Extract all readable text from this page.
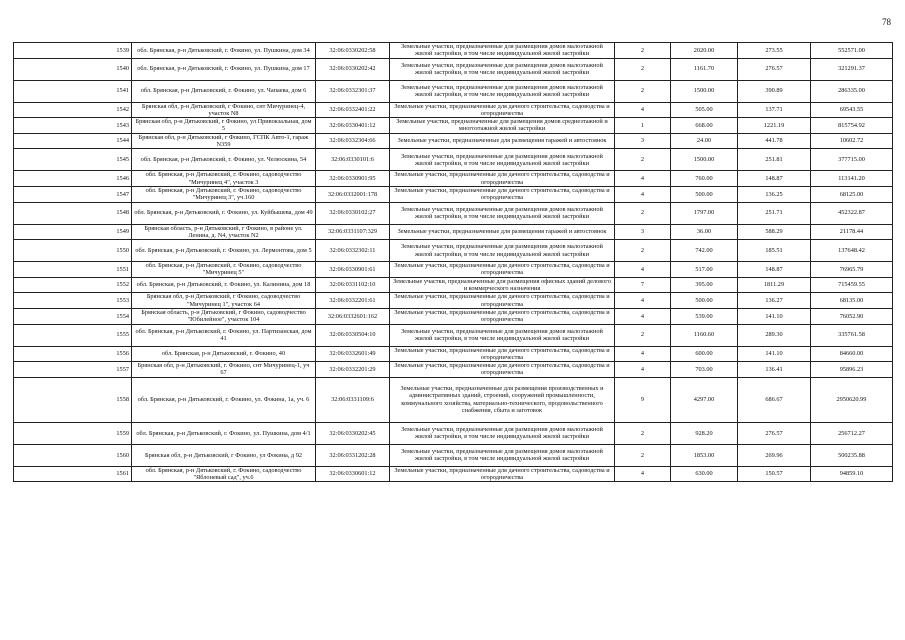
78
1539	обл. Брянская, р-н Дятьковский, г. Фокино, ул. Пушкина, дом 34	32:06:0330202:58	Земельные участки, предназначенные для размещения домов малоэтажной жилой застройки, в том числе индивидуальной жилой застройки	2	2020.00	273.55	552571.00
1540	обл. Брянская, р-н Дятьковский, г. Фокино, ул. Пушкина, дом 17	32:06:0330202:42	Земельные участки, предназначенные для размещения домов малоэтажной жилой застройки, в том числе индивидуальной жилой застройки	2	1161.70	276.57	321291.37
1541	обл. Брянская, р-н Дятьковский, г. Фокино, ул. Чапаева, дом 6	32:06:0332301:37	Земельные участки, предназначенные для размещения домов малоэтажной жилой застройки, в том числе индивидуальной жилой застройки	2	1500.00	390.89	286335.00
1542	Брянская обл, р-н Дятьковский, г Фокино, снт Мичуринец-4, участок N8	32:06:0332401:22	Земельные участки, предназначенные для дачного строительства, садоводства и огородничества	4	505.00	137.71	69543.55
1543	Брянская обл, р-н Дятьковский, г Фокино, ул Привокзальная, дом 5	32:06:0330401:12	Земельные участки, предназначенные для размещения домов среднеэтажной и многоэтажной жилой застройки	1	668.00	1221.19	815754.92
1544	Брянская обл, р-н Дятьковский, г Фокино, ГСПК Авто-1, гараж N359	32:06:0332304:66	Земельные участки, предназначенные для размещения гаражей и автостоянок	3	24.00	441.78	10602.72
1545	обл. Брянская, р-н Дятьковский, г. Фокино, ул. Челюскина, 54	32:06:0330101:6	Земельные участки, предназначенные для размещения домов малоэтажной жилой застройки, в том числе индивидуальной жилой застройки	2	1500.00	251.81	377715.00
1546	обл. Брянская, р-н Дятьковский, г. Фокино, садоводчество "Мичуринец 4", участок 3	32:06:0330901:95	Земельные участки, предназначенные для дачного строительства, садоводства и огородничества	4	760.00	148.87	113141.20
1547	обл. Брянская, р-н Дятьковский, г. Фокино, садоводчество "Мичуринец 3", уч.160	32:06:0332001:178	Земельные участки, предназначенные для дачного строительства, садоводства и огородничества	4	500.00	136.25	68125.00
1548	обл. Брянская, р-н Дятьковский, г. Фокино, ул. Куйбышева, дом 49	32:06:0330102:27	Земельные участки, предназначенные для размещения домов малоэтажной жилой застройки, в том числе индивидуальной жилой застройки	2	1797.00	251.71	452322.87
1549	Брянская область, р-н Дятьковский, г Фокино, в районе ул. Ленина, д. N4, участок N2	32:06:0331107:329	Земельные участки, предназначенные для размещения гаражей и автостоянок	3	36.00	588.29	21178.44
1550	обл. Брянская, р-н Дятьковский, г. Фокино, ул. Лермонтова, дом 5	32:06:0332302:11	Земельные участки, предназначенные для размещения домов малоэтажной жилой застройки, в том числе индивидуальной жилой застройки	2	742.00	185.51	137648.42
1551	обл. Брянская, р-н Дятьковский, г. Фокино, садоводчество "Мичуринец 5"	32:06:0330901:61	Земельные участки, предназначенные для дачного строительства, садоводства и огородничества	4	517.00	148.87	76965.79
1552	обл. Брянская, р-н Дятьковский, г. Фокино, ул. Калинина, дом 18	32:06:0331102:10	Земельные участки, предназначенные для размещения офисных зданий делового и коммерческого назначения	7	395.00	1811.29	715459.55
1553	Брянская обл, р-н Дятьковский, г Фокино, садоводчество "Мичуринец 1", участок 64	32:06:0332201:61	Земельные участки, предназначенные для дачного строительства, садоводства и огородничества	4	500.00	136.27	68135.00
1554	Брянская область, р-н Дятьковский, г Фокино, садоводчество "Юбилейное", участок 104	32:06:0332601:162	Земельные участки, предназначенные для дачного строительства, садоводства и огородничества	4	539.00	141.10	76052.90
1555	обл. Брянская, р-н Дятьковский, г. Фокино, ул. Партизанская, дом 41	32:06:0330504:10	Земельные участки, предназначенные для размещения домов малоэтажной жилой застройки, в том числе индивидуальной жилой застройки	2	1160.60	289.30	335761.58
1556	обл. Брянская, р-н Дятьковский, г. Фокино, 40	32:06:0332601:49	Земельные участки, предназначенные для дачного строительства, садоводства и огородничества	4	600.00	141.10	84660.00
1557	Брянская обл, р-н Дятьковский, г. Фокино, снт Мичуринец-1, уч 67	32:06:0332201:29	Земельные участки, предназначенные для дачного строительства, садоводства и огородничества	4	703.00	136.41	95896.23
1558	обл. Брянская, р-н Дятьковский, г. Фокино, ул. Фокина, 1а, уч. 6	32:06:0331109:6	Земельные участки, предназначенные для размещения производственных и административных зданий, строений, сооружений промышленности, коммунального хозяйства, материально-технического, продовольственного снабжения, сбыта и заготовок	9	4297.00	686.67	2950620.99
1559	обл. Брянская, р-н Дятьковский, г. Фокино, ул. Пушкина, дом 4/1	32:06:0330202:45	Земельные участки, предназначенные для размещения домов малоэтажной жилой застройки, в том числе индивидуальной жилой застройки	2	928.20	276.57	256712.27
1560	Брянская обл, р-н Дятьковский, г Фокино, ул Фокина, д 92	32:06:0331202:28	Земельные участки, предназначенные для размещения домов малоэтажной жилой застройки, в том числе индивидуальной жилой застройки	2	1853.00	269.96	500235.88
1561	обл. Брянская, р-н Дятьковский, г. Фокино, садоводчество "Яблоневый сад", уч.6	32:06:0330601:12	Земельные участки, предназначенные для дачного строительства, садоводства и огородничества	4	630.00	150.57	94859.10
